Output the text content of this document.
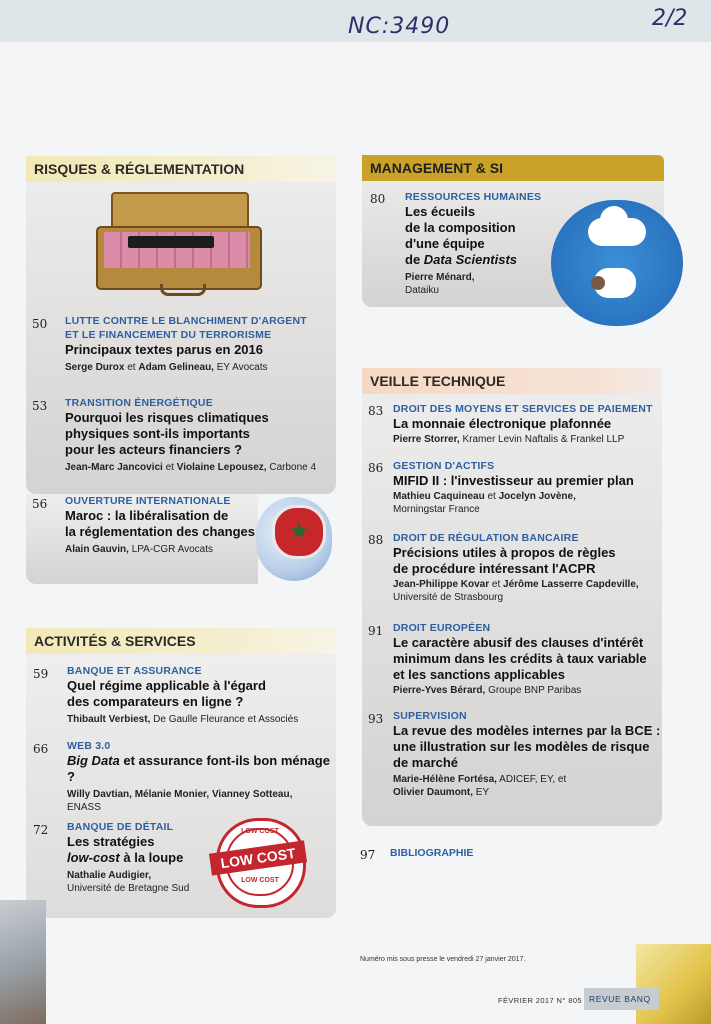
NC:3490	2/2
RISQUES & RÉGLEMENTATION
50 LUTTE CONTRE LE BLANCHIMENT D'ARGENT
ET LE FINANCEMENT DU TERRORISME
Principaux textes parus en 2016
Serge Durox et Adam Gelineau, EY Avocats
53 TRANSITION ÉNERGÉTIQUE
Pourquoi les risques climatiques
physiques sont-ils importants
pour les acteurs financiers ?
Jean-Marc Jancovici et Violaine Lepousez, Carbone 4
56 OUVERTURE INTERNATIONALE
Maroc : la libéralisation de
la réglementation des changes
Alain Gauvin, LPA-CGR Avocats
★
ACTIVITÉS & SERVICES
59 BANQUE ET ASSURANCE
Quel régime applicable à l'égard
des comparateurs en ligne ?
Thibault Verbiest, De Gaulle Fleurance et Associés
66 WEB 3.0
Big Data et assurance font-ils bon ménage ?
Willy Davtian, Mélanie Monier, Vianney Sotteau,
ENASS
72 BANQUE DE DÉTAIL
Les stratégies
low-cost à la loupe
Nathalie Audigier,
Université de Bretagne Sud
LOW COST
LOW COST
LOW COST
MANAGEMENT & SI
80 RESSOURCES HUMAINES
Les écueils
de la composition
d'une équipe
de Data Scientists
Pierre Ménard,
Dataiku
VEILLE TECHNIQUE
83 DROIT DES MOYENS ET SERVICES DE PAIEMENT
La monnaie électronique plafonnée
Pierre Storrer, Kramer Levin Naftalis & Frankel LLP
86 GESTION D'ACTIFS
MIFID II : l'investisseur au premier plan
Mathieu Caquineau et Jocelyn Jovène,
Morningstar France
88 DROIT DE RÉGULATION BANCAIRE
Précisions utiles à propos de règles
de procédure intéressant l'ACPR
Jean-Philippe Kovar et Jérôme Lasserre Capdeville,
Université de Strasbourg
91 DROIT EUROPÉEN
Le caractère abusif des clauses d'intérêt
minimum dans les crédits à taux variable
et les sanctions applicables
Pierre-Yves Bérard, Groupe BNP Paribas
93 SUPERVISION
La revue des modèles internes par la BCE :
une illustration sur les modèles de risque
de marché
Marie-Hélène Fortésa, ADICEF, EY, et
Olivier Daumont, EY
97 BIBLIOGRAPHIE
Numéro mis sous presse le vendredi 27 janvier 2017.
FÉVRIER 2017 N° 805 REVUE BANQ
